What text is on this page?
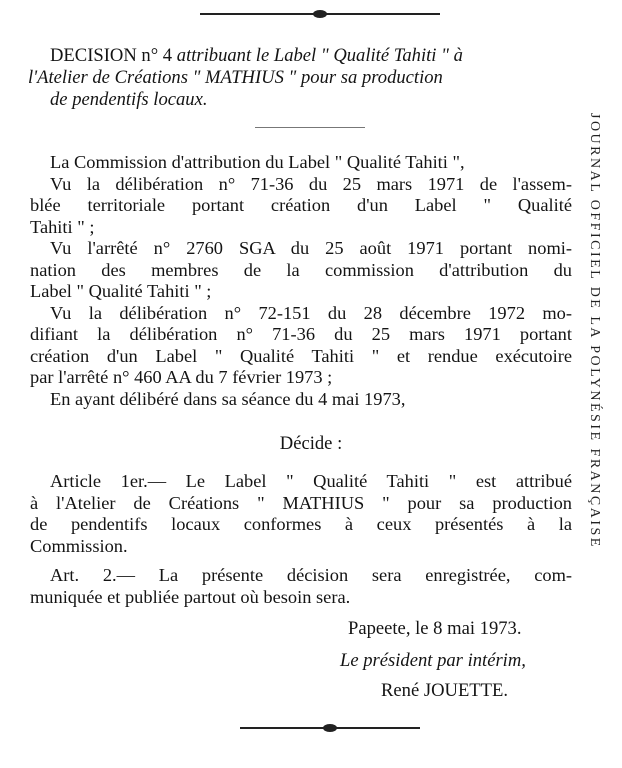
DECISION n° 4 attribuant le Label " Qualité Tahiti " à
l'Atelier de Créations " MATHIUS " pour sa production
de pendentifs locaux.
La Commission d'attribution du Label " Qualité Tahiti ",
Vu la délibération n° 71-36 du 25 mars 1971 de l'assem-
blée territoriale portant création d'un Label " Qualité
Tahiti " ;
Vu l'arrêté n° 2760 SGA du 25 août 1971 portant nomi-
nation des membres de la commission d'attribution du
Label " Qualité Tahiti " ;
Vu la délibération n° 72-151 du 28 décembre 1972 mo-
difiant la délibération n° 71-36 du 25 mars 1971 portant
création d'un Label " Qualité Tahiti " et rendue exécutoire
par l'arrêté n° 460 AA du 7 février 1973 ;
En ayant délibéré dans sa séance du 4 mai 1973,
Décide :
Article 1er.— Le Label " Qualité Tahiti " est attribué
à l'Atelier de Créations " MATHIUS " pour sa production
de pendentifs locaux conformes à ceux présentés à la
Commission.
Art. 2.— La présente décision sera enregistrée, com-
muniquée et publiée partout où besoin sera.
Papeete, le 8 mai 1973.
Le président par intérim,
René JOUETTE.
JOURNAL OFFICIEL DE LA POLYNÉSIE FRANÇAISE
